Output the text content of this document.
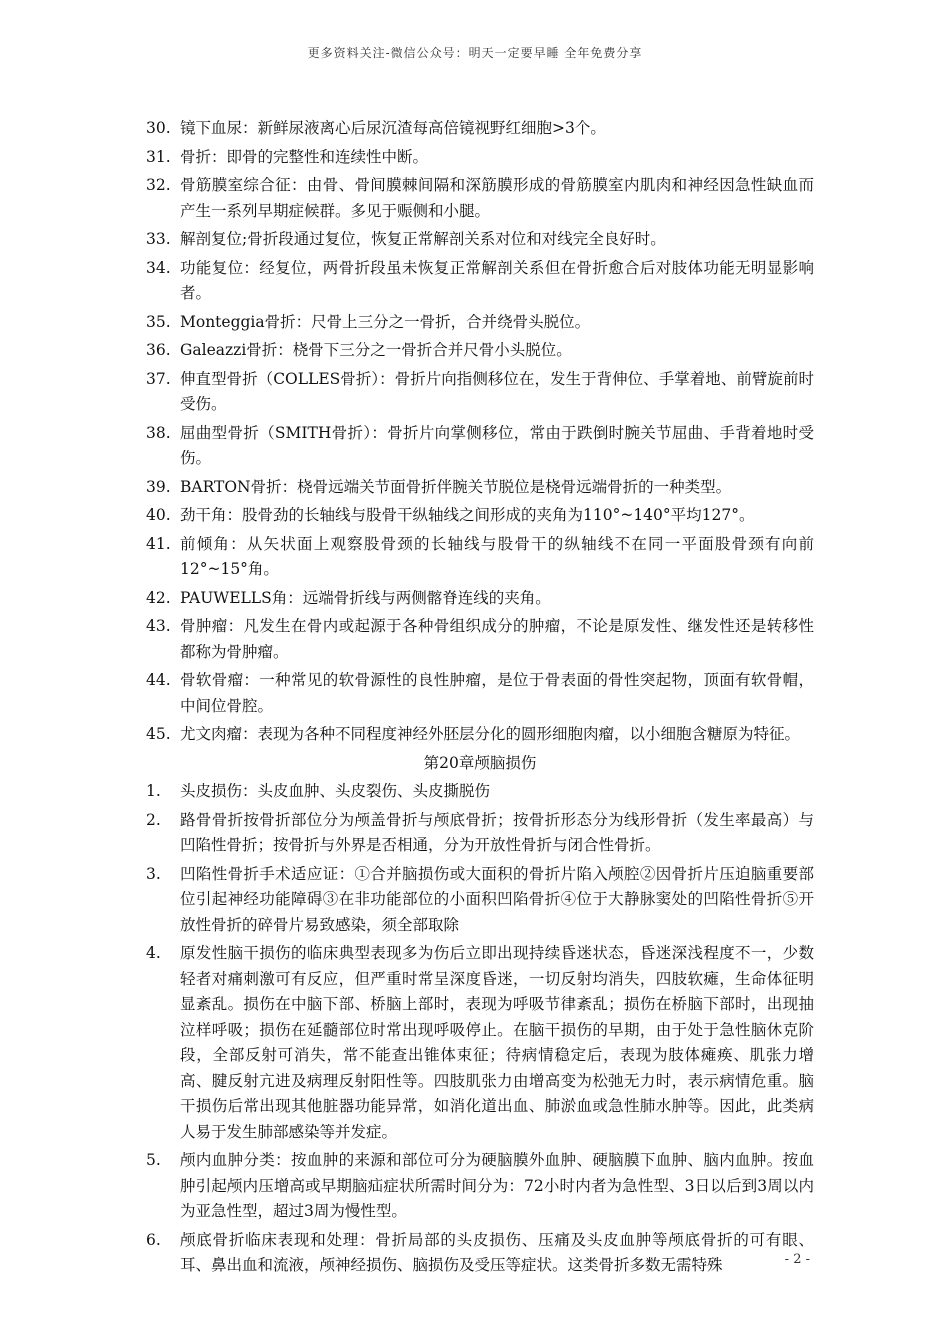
更多资料关注-微信公众号：明天一定要早睡 全年免费分享
30. 镜下血尿：新鲜尿液离心后尿沉渣每高倍镜视野红细胞>3个。
31. 骨折：即骨的完整性和连续性中断。
32. 骨筋膜室综合征：由骨、骨间膜棘间隔和深筋膜形成的骨筋膜室内肌肉和神经因急性缺血而产生一系列早期症候群。多见于赈侧和小腿。
33. 解剖复位;骨折段通过复位，恢复正常解剖关系对位和对线完全良好时。
34. 功能复位：经复位，两骨折段虽未恢复正常解剖关系但在骨折愈合后对肢体功能无明显影响者。
35. Monteggia骨折：尺骨上三分之一骨折，合并绕骨头脱位。
36. Galeazzi骨折：桡骨下三分之一骨折合并尺骨小头脱位。
37. 伸直型骨折（COLLES骨折）：骨折片向指侧移位在，发生于背伸位、手掌着地、前臂旋前时受伤。
38. 屈曲型骨折（SMITH骨折）：骨折片向掌侧移位，常由于跌倒时腕关节屈曲、手背着地时受伤。
39. BARTON骨折：桡骨远端关节面骨折伴腕关节脱位是桡骨远端骨折的一种类型。
40. 劲干角：股骨劲的长轴线与股骨干纵轴线之间形成的夹角为110°~140°平均127°。
41. 前倾角：从矢状面上观察股骨颈的长轴线与股骨干的纵轴线不在同一平面股骨颈有向前12°~15°角。
42. PAUWELLS角：远端骨折线与两侧髂脊连线的夹角。
43. 骨肿瘤：凡发生在骨内或起源于各种骨组织成分的肿瘤，不论是原发性、继发性还是转移性都称为骨肿瘤。
44. 骨软骨瘤：一种常见的软骨源性的良性肿瘤，是位于骨表面的骨性突起物，顶面有软骨帽，中间位骨腔。
45. 尤文肉瘤：表现为各种不同程度神经外胚层分化的圆形细胞肉瘤，以小细胞含糖原为特征。
第20章颅脑损伤
1.	头皮损伤：头皮血肿、头皮裂伤、头皮撕脱伤
2.	路骨骨折按骨折部位分为颅盖骨折与颅底骨折；按骨折形态分为线形骨折（发生率最高）与凹陷性骨折；按骨折与外界是否相通，分为开放性骨折与闭合性骨折。
3.	凹陷性骨折手术适应证：①合并脑损伤或大面积的骨折片陷入颅腔②因骨折片压迫脑重要部位引起神经功能障碍③在非功能部位的小面积凹陷骨折④位于大静脉窦处的凹陷性骨折⑤开放性骨折的碎骨片易致感染，须全部取除
4.	原发性脑干损伤的临床典型表现多为伤后立即出现持续昏迷状态，昏迷深浅程度不一，少数轻者对痛刺激可有反应，但严重时常呈深度昏迷，一切反射均消失，四肢软瘫，生命体征明显紊乱。损伤在中脑下部、桥脑上部时，表现为呼吸节律紊乱；损伤在桥脑下部时，出现抽泣样呼吸；损伤在延髓部位时常出现呼吸停止。在脑干损伤的早期，由于处于急性脑休克阶段，全部反射可消失，常不能查出锥体束征；待病情稳定后，表现为肢体瘫痪、肌张力增高、腱反射亢进及病理反射阳性等。四肢肌张力由增高变为松弛无力时，表示病情危重。脑干损伤后常出现其他脏器功能异常，如消化道出血、肺淤血或急性肺水肿等。因此，此类病人易于发生肺部感染等并发症。
5.	颅内血肿分类：按血肿的来源和部位可分为硬脑膜外血肿、硬脑膜下血肿、脑内血肿。按血肿引起颅内压增高或早期脑疝症状所需时间分为：72小时内者为急性型、3日以后到3周以内为亚急性型，超过3周为慢性型。
6.	颅底骨折临床表现和处理：骨折局部的头皮损伤、压痛及头皮血肿等颅底骨折的可有眼、耳、鼻出血和流液，颅神经损伤、脑损伤及受压等症状。这类骨折多数无需特殊	- 2 -
